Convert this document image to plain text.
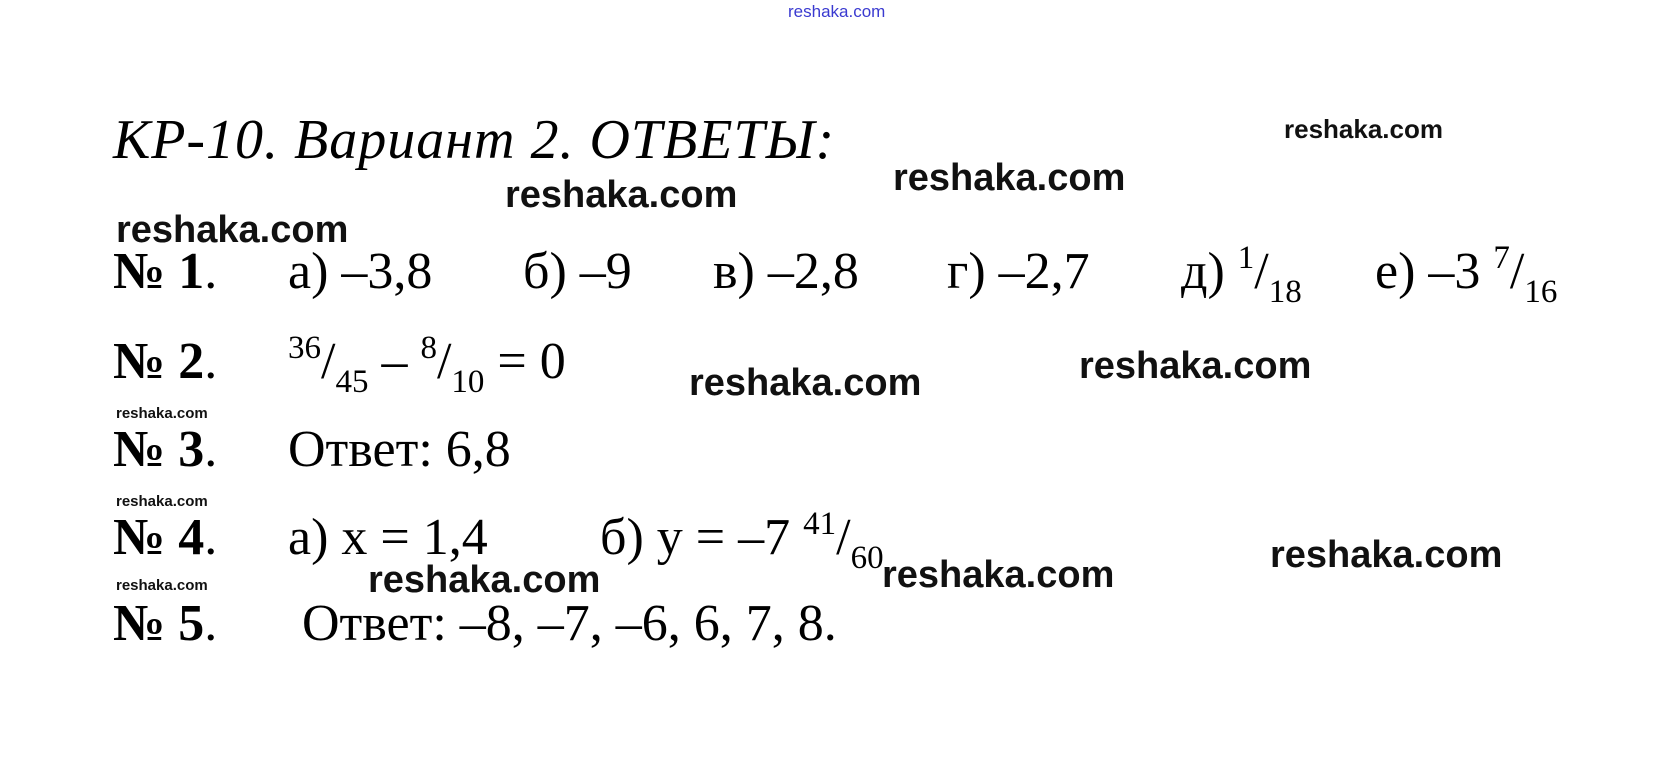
reshaka.com
reshaka.com
reshaka.com
reshaka.com
reshaka.com
reshaka.com
reshaka.com
reshaka.com
reshaka.com
reshaka.com
reshaka.com
reshaka.com
reshaka.com
КР-10. Вариант 2. ОТВЕТЫ:
№ 1. а) –3,8 б) –9 в) –2,8 г) –2,7 д) $^1/_{18}$ е) –3 $^7/_{16}$
№ 2. $^{36}/_{45} - ^8/_{10} = 0$
№ 3. Ответ: 6,8
№ 4. а) x = 1,4 б) y = –7 $^{41}/_{60}$
№ 5. Ответ: –8, –7, –6, 6, 7, 8.
